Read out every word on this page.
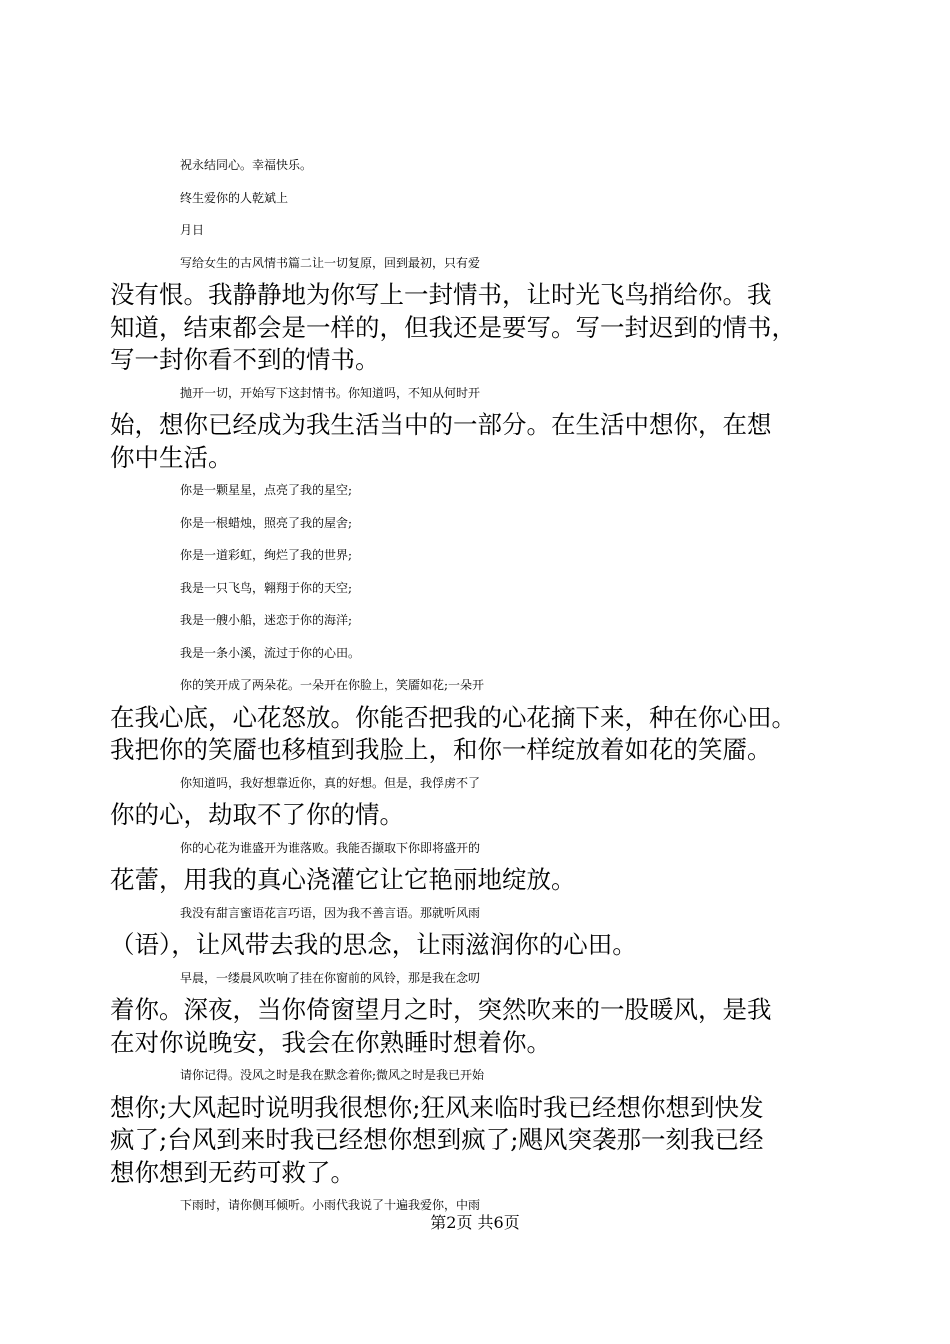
祝永结同心。幸福快乐。
终生爱你的人乾斌上
月日
写给女生的古风情书篇二让一切复原，回到最初，只有爱
没有恨。我静静地为你写上一封情书，让时光飞鸟捎给你。我
知道，结束都会是一样的，但我还是要写。写一封迟到的情书，
写一封你看不到的情书。
抛开一切，开始写下这封情书。你知道吗，不知从何时开
始，想你已经成为我生活当中的一部分。在生活中想你，在想
你中生活。
你是一颗星星，点亮了我的星空;
你是一根蜡烛，照亮了我的屋舍;
你是一道彩虹，绚烂了我的世界;
我是一只飞鸟，翱翔于你的天空;
我是一艘小船，迷恋于你的海洋;
我是一条小溪，流过于你的心田。
你的笑开成了两朵花。一朵开在你脸上，笑靥如花;一朵开
在我心底，心花怒放。你能否把我的心花摘下来，种在你心田。
我把你的笑靥也移植到我脸上，和你一样绽放着如花的笑靥。
你知道吗，我好想靠近你，真的好想。但是，我俘虏不了
你的心，劫取不了你的情。
你的心花为谁盛开为谁落败。我能否撷取下你即将盛开的
花蕾，用我的真心浇灌它让它艳丽地绽放。
我没有甜言蜜语花言巧语，因为我不善言语。那就听风雨
（语），让风带去我的思念，让雨滋润你的心田。
早晨，一缕晨风吹响了挂在你窗前的风铃，那是我在念叨
着你。深夜，当你倚窗望月之时，突然吹来的一股暖风，是我
在对你说晚安，我会在你熟睡时想着你。
请你记得。没风之时是我在默念着你;微风之时是我已开始
想你;大风起时说明我很想你;狂风来临时我已经想你想到快发
疯了;台风到来时我已经想你想到疯了;飓风突袭那一刻我已经
想你想到无药可救了。
下雨时，请你侧耳倾听。小雨代我说了十遍我爱你，中雨
第2页 共6页
